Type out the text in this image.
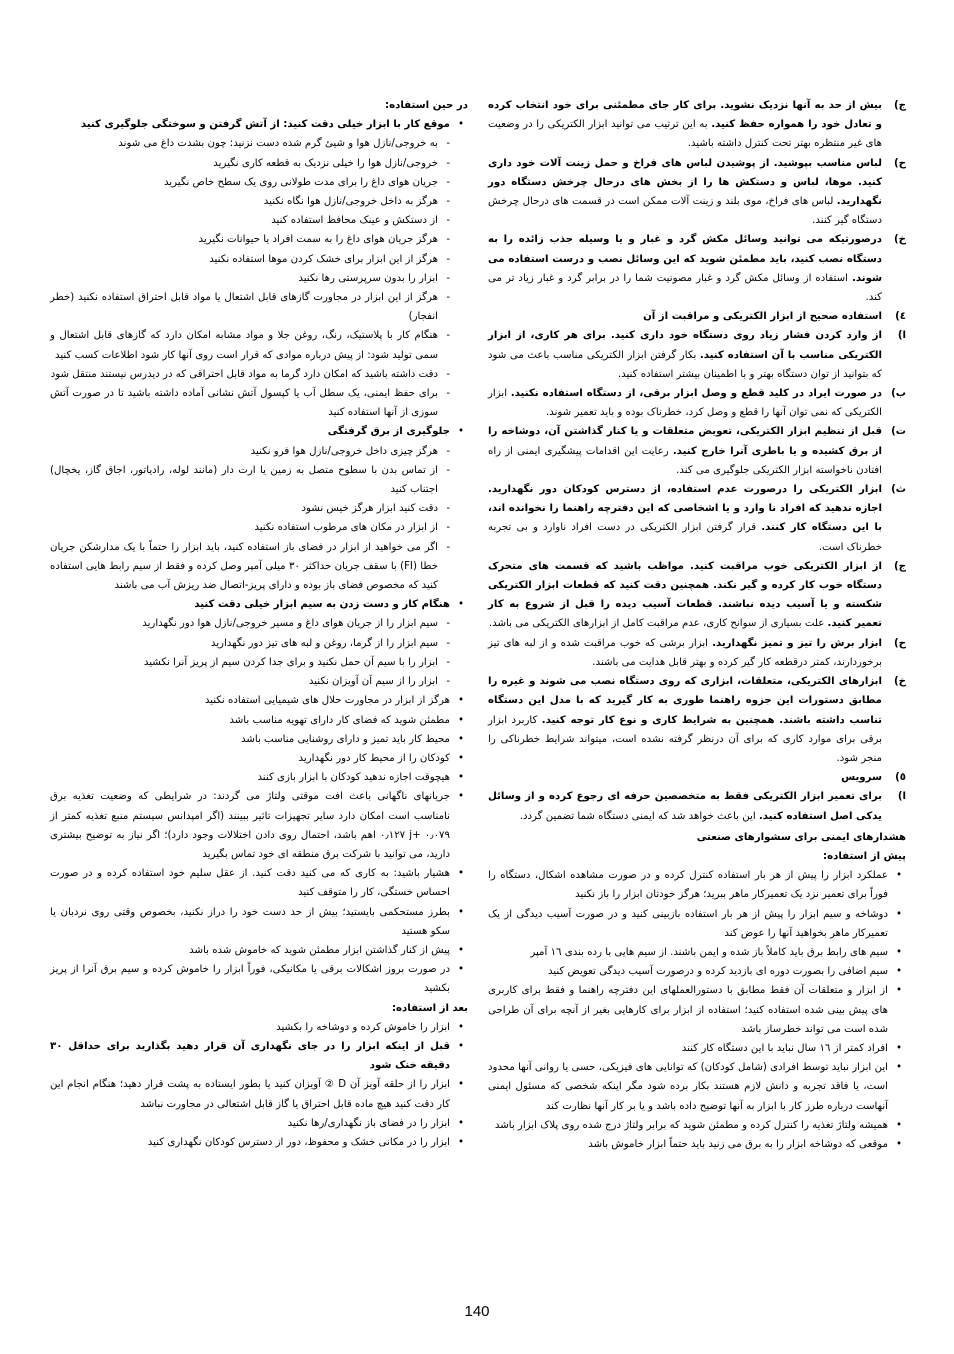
ج)
بیش از حد به آنها نزدیک نشوید. برای کار جای مطمئنی برای خود انتخاب کرده و تعادل خود را همواره حفظ کنید. به این ترتیب می توانید ابزار الکتریکی را در وضعیت های غیر منتظره بهتر تحت کنترل داشته باشید.
ح)
لباس مناسب بپوشید. از پوشیدن لباس های فراخ و حمل زینت آلات خود داری کنید. موها، لباس و دستکش ها را از بخش های درحال چرخش دستگاه دور نگهدارید. لباس های فراخ، موی بلند و زینت آلات ممکن است در قسمت های درحال چرخش دستگاه گیر کنند.
خ)
درصورتیکه می توانید وسائل مکش گرد و غبار و یا وسیله جذب زائده را به دستگاه نصب کنید، باید مطمئن شوید که این وسائل نصب و درست استفاده می شوند. استفاده از وسائل مکش گرد و غبار مصونیت شما را در برابر گرد و غبار زیاد تر می کند.
٤)
استفاده صحیح از ابزار الکتریکی و مراقبت از آن
ا)
از وارد کردن فشار زیاد روی دستگاه خود داری کنید. برای هر کاری، از ابزار الکتریکی مناسب با آن استفاده کنید. بکار گرفتن ابزار الکتریکی مناسب باعث می شود که بتوانید از توان دستگاه بهتر و با اطمینان بیشتر استفاده کنید.
ب)
در صورت ایراد در کلید قطع و وصل ابزار برقی، از دستگاه استفاده نکنید. ابزار الکتریکی که نمی توان آنها را قطع و وصل کرد، خطرناک بوده و باید تعمیر شوند.
ت)
قبل از تنظیم ابزار الکتریکی، تعویض متعلقات و یا کنار گذاشتن آن، دوشاخه را از برق کشیده و یا باطری آنرا خارج کنید. رعایت این اقدامات پیشگیری ایمنی از راه افتادن ناخواسته ابزار الکتریکی جلوگیری می کند.
ث)
ابزار الکتریکی را درصورت عدم استفاده، از دسترس کودکان دور نگهدارید. اجازه ندهید که افراد نا وارد و یا اشخاصی که این دفترچه راهنما را نخوانده اند، با این دستگاه کار کنند. قرار گرفتن ابزار الکتریکی در دست افراد ناوارد و بی تجربه خطرناک است.
ج)
از ابزار الکتریکی خوب مراقبت کنید. مواظب باشید که قسمت های متحرک دستگاه خوب کار کرده و گیر نکند. همچنین دقت کنید که قطعات ابزار الکتریکی شکسته و یا آسیب دیده نباشند. قطعات آسیب دیده را قبل از شروع به کار تعمیر کنید. علت بسیاری از سوانح کاری، عدم مراقبت کامل از ابزارهای الکتریکی می باشد.
ح)
ابزار برش را تیز و تمیز نگهدارید. ابزار برشی که خوب مراقبت شده و از لبه های تیز برخوردارند، کمتر درقطعه کار گیر کرده و بهتر قابل هدایت می باشند.
خ)
ابزارهای الکتریکی، متعلقات، ابزاری که روی دستگاه نصب می شوند و غیره را مطابق دستورات این جزوه راهنما طوری به کار گیرید که با مدل این دستگاه تناسب داشته باشند. همچنین به شرایط کاری و نوع کار توجه کنید. کاربرد ابزار برقی برای موارد کاری که برای آن درنظر گرفته نشده است، میتواند شرایط خطرناکی را منجر شود.
٥)
سرویس
ا)
برای تعمیر ابزار الکتریکی فقط به متخصصین حرفه ای رجوع کرده و از وسائل یدکی اصل استفاده کنید. این باعث خواهد شد که ایمنی دستگاه شما تضمین گردد.
هشدارهای ایمنی برای سشوارهای صنعتی
پیش از استفاده:
•
عملکرد ابزار را پیش از هر بار استفاده کنترل کرده و در صورت مشاهده اشکال، دستگاه را فوراً برای تعمیر نزد یک تعمیرکار ماهر ببرید؛ هرگز خودتان ابزار را باز نکنید
•
دوشاخه و سیم ابزار را پیش از هر بار استفاده بازبینی کنید و در صورت آسیب دیدگی از یک تعمیرکار ماهر بخواهید آنها را عوض کند
•
سیم های رابط برق باید کاملاً باز شده و ایمن باشند. از سیم هایی با رده بندی ١٦ آمپر
•
سیم اضافی را بصورت دوره ای بازدید کرده و درصورت آسیب دیدگی تعویض کنید
•
از ابزار و متعلقات آن فقط مطابق با دستورالعملهای این دفترچه راهنما و فقط برای کاربری های پیش بینی شده استفاده کنید؛ استفاده از ابزار برای کارهایی بغیر از آنچه برای آن طراحی شده است می تواند خطرساز باشد
•
افراد کمتر از ١٦ سال نباید با این دستگاه کار کنند
•
این ابزار نباید توسط افرادی (شامل کودکان) که توانایی های فیزیکی، حسی یا روانی آنها محدود است، یا فاقد تجربه و دانش لازم هستند بکار برده شود مگر اینکه شخصی که مسئول ایمنی آنهاست درباره طرز کار با ابزار به آنها توضیح داده باشد و یا بر کار آنها نظارت کند
•
همیشه ولتاژ تغذیه را کنترل کرده و مطمئن شوید که برابر ولتاژ درج شده روی پلاک ابزار باشد
•
موقعی که دوشاخه ابزار را به برق می زنید باید حتماً ابزار خاموش باشد
در حین استفاده:
•
موقع کار با ابزار خیلی دقت کنید: از آتش گرفتن و سوختگی جلوگیری کنید
-
به خروجی/نازل هوا و شیئ گرم شده دست نزنید: چون بشدت داغ می شوند
-
خروجی/نازل هوا را خیلی نزدیک به قطعه کاری نگیرید
-
جریان هوای داغ را برای مدت طولانی روی یک سطح خاص نگیرید
-
هرگز به داخل خروجی/نازل هوا نگاه نکنید
-
از دستکش و عینک محافظ استفاده کنید
-
هرگز جریان هوای داغ را به سمت افراد یا حیوانات نگیرید
-
هرگز از این ابزار برای خشک کردن موها استفاده نکنید
-
ابزار را بدون سرپرستی رها نکنید
-
هرگز از این ابزار در مجاورت گازهای قابل اشتعال یا مواد قابل احتراق استفاده نکنید (خطر انفجار)
-
هنگام کار با پلاستیک، رنگ، روغن جلا و مواد مشابه امکان دارد که گازهای قابل اشتعال و سمی تولید شود: از پیش درباره موادی که قرار است روی آنها کار شود اطلاعات کسب کنید
-
دقت داشته باشید که امکان دارد گرما به مواد قابل احتراقی که در دیدرس نیستند منتقل شود
-
برای حفظ ایمنی، یک سطل آب یا کپسول آتش نشانی آماده داشته باشید تا در صورت آتش سوزی از آنها استفاده کنید
•
جلوگیری از برق گرفتگی
-
هرگز چیزی داخل خروجی/نازل هوا فرو نکنید
-
از تماس بدن با سطوح متصل به زمین یا ارت دار (مانند لوله، رادیاتور، اجاق گاز، یخچال) اجتناب کنید
-
دقت کنید ابزار هرگز خیس نشود
-
از ابزار در مکان های مرطوب استفاده نکنید
-
اگر می خواهید از ابزار در فضای باز استفاده کنید، باید ابزار را حتماً با یک مدارشکن جریان خطا (FI) با سقف جریان حداکثر ٣٠ میلی آمپر وصل کرده و فقط از سیم رابط هایی استفاده کنید که مخصوص فضای باز بوده و دارای پریز-اتصال ضد ریزش آب می باشند
•
هنگام کار و دست زدن به سیم ابزار خیلی دقت کنید
-
سیم ابزار را از جریان هوای داغ و مسیر خروجی/نازل هوا دور نگهدارید
-
سیم ابزار را از گرما، روغن و لبه های تیز دور نگهدارید
-
ابزار را با سیم آن حمل نکنید و برای جدا کردن سیم از پریز آنرا نکشید
-
ابزار را از سیم آن آویزان نکنید
•
هرگز از ابزار در مجاورت حلال های شیمیایی استفاده نکنید
•
مطمئن شوید که فضای کار دارای تهویه مناسب باشد
•
محیط کار باید تمیز و دارای روشنایی مناسب باشد
•
کودکان را از محیط کار دور نگهدارید
•
هیچوقت اجازه ندهید کودکان با ابزار بازی کنند
•
جریانهای ناگهانی باعث افت موقتی ولتاژ می گردند: در شرایطی که وضعیت تغذیه برق نامناسب است امکان دارد سایر تجهیزات تاثیر ببینند (اگر امپدانس سیستم منبع تغذیه کمتر از ٠٫٠٧٩ +j ٠٫١٢٧ اهم باشد، احتمال روی دادن اختلالات وجود دارد)؛ اگر نیاز به توضیح بیشتری دارید، می توانید با شرکت برق منطقه ای خود تماس بگیرید
•
هشیار باشید: به کاری که می کنید دقت کنید. از عقل سلیم خود استفاده کرده و در صورت احساس خستگی، کار را متوقف کنید
•
بطرز مستحکمی بایستید؛ بیش از حد دست خود را دراز نکنید، بخصوص وقتی روی نردبان یا سکو هستید
•
پیش از کنار گذاشتن ابزار مطمئن شوید که خاموش شده باشد
•
در صورت بروز اشکالات برقی یا مکانیکی، فوراً ابزار را خاموش کرده و سیم برق آنرا از پریز بکشید
بعد از استفاده:
•
ابزار را خاموش کرده و دوشاخه را بکشید
•
قبل از اینکه ابزار را در جای نگهداری آن قرار دهید بگذارید برای حداقل ٣٠ دقیقه خنک شود
•
ابزار را از حلقه آویز آن D ② آویزان کنید یا بطور ایستاده به پشت قرار دهید؛ هنگام انجام این کار دقت کنید هیچ ماده قابل احتراق یا گاز قابل اشتعالی در مجاورت نباشد
•
ابزار را در فضای باز نگهداری/رها نکنید
•
ابزار را در مکانی خشک و محفوظ، دور از دسترس کودکان نگهداری کنید
140
